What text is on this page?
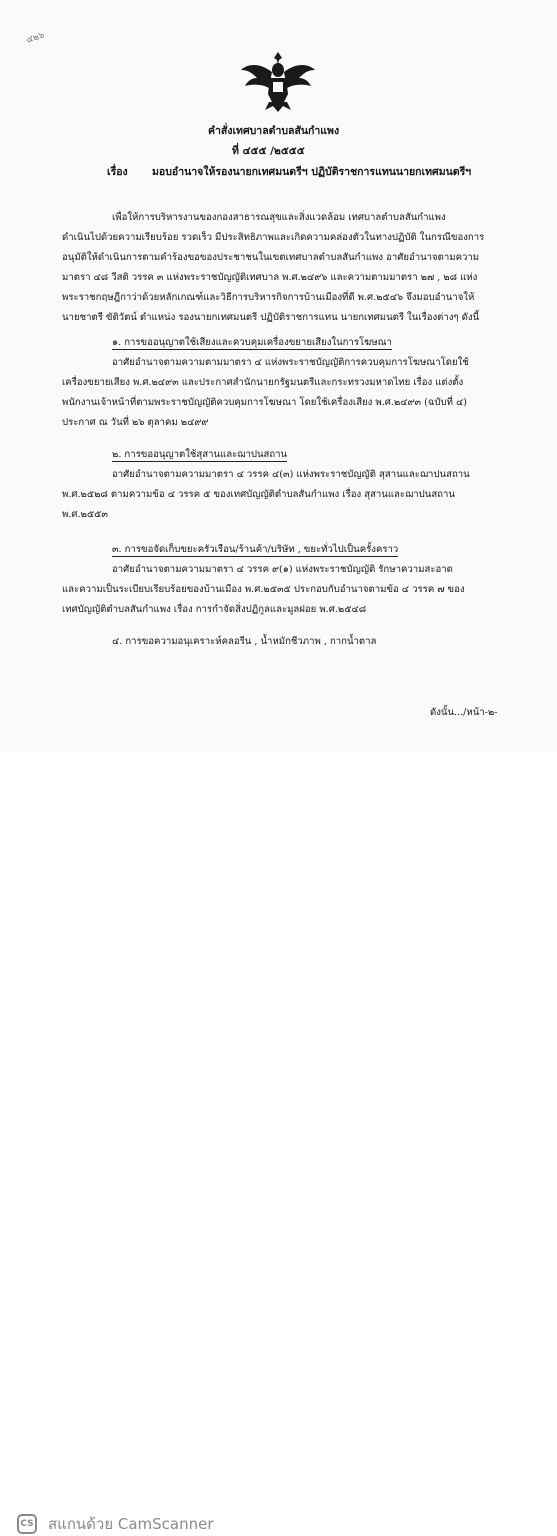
๔๒๖
คำสั่งเทศบาลตำบลสันกำแพง
ที่ ๔๕๕ /๒๕๕๕
เรื่อง มอบอำนาจให้รองนายกเทศมนตรีฯ ปฏิบัติราชการแทนนายกเทศมนตรีฯ
เพื่อให้การบริหารงานของกองสาธารณสุขและสิ่งแวดล้อม เทศบาลตำบลสันกำแพง
ดำเนินไปด้วยความเรียบร้อย รวดเร็ว มีประสิทธิภาพและเกิดความคล่องตัวในทางปฏิบัติ ในกรณีของการ
อนุมัติให้ดำเนินการตามคำร้องขอของประชาชนในเขตเทศบาลตำบลสันกำแพง อาศัยอำนาจตามความ
มาตรา ๔๘ วีสติ วรรค ๓ แห่งพระราชบัญญัติเทศบาล พ.ศ.๒๔๙๖ และความตามมาตรา ๒๗ , ๒๘ แห่ง
พระราชกฤษฎีกาว่าด้วยหลักเกณฑ์และวิธีการบริหารกิจการบ้านเมืองที่ดี พ.ศ.๒๕๔๖ จึงมอบอำนาจให้
นายชาตรี ขัติวัตน์ ตำแหน่ง รองนายกเทศมนตรี ปฏิบัติราชการแทน นายกเทศมนตรี ในเรื่องต่างๆ ดังนี้
๑. การขออนุญาตใช้เสียงและควบคุมเครื่องขยายเสียงในการโฆษณา
อาศัยอำนาจตามความตามมาตรา ๔ แห่งพระราชบัญญัติการควบคุมการโฆษณาโดยใช้
เครื่องขยายเสียง พ.ศ.๒๔๙๓ และประกาศสำนักนายกรัฐมนตรีและกระทรวงมหาดไทย เรื่อง แต่งตั้ง
พนักงานเจ้าหน้าที่ตามพระราชบัญญัติควบคุมการโฆษณา โดยใช้เครื่องเสียง พ.ศ.๒๔๙๓ (ฉบับที่ ๔)
ประกาศ ณ วันที่ ๒๖ ตุลาคม ๒๔๙๙
๒. การขออนุญาตใช้สุสานและฌาปนสถาน
อาศัยอำนาจตามความมาตรา ๔ วรรค ๔(๓) แห่งพระราชบัญญัติ สุสานและฌาปนสถาน
พ.ศ.๒๕๒๘ ตามความข้อ ๔ วรรค ๕ ของเทศบัญญัติตำบลสันกำแพง เรื่อง สุสานและฌาปนสถาน
พ.ศ.๒๕๕๓
๓. การขอจัดเก็บขยะครัวเรือน/ร้านค้า/บริษัท , ขยะทั่วไปเป็นครั้งคราว
อาศัยอำนาจตามความมาตรา ๔ วรรค ๙(๑) แห่งพระราชบัญญัติ รักษาความสะอาด
และความเป็นระเบียบเรียบร้อยของบ้านเมือง พ.ศ.๒๕๓๕ ประกอบกับอำนาจตามข้อ ๔ วรรค ๗ ของ
เทศบัญญัติตำบลสันกำแพง เรื่อง การกำจัดสิ่งปฏิกูลและมูลฝอย พ.ศ.๒๕๔๘
๔. การขอความอนุเคราะห์คลอรีน , น้ำหมักชีวภาพ , กากน้ำตาล
ดังนั้น.../หน้า-๒-
CS สแกนด้วย CamScanner
